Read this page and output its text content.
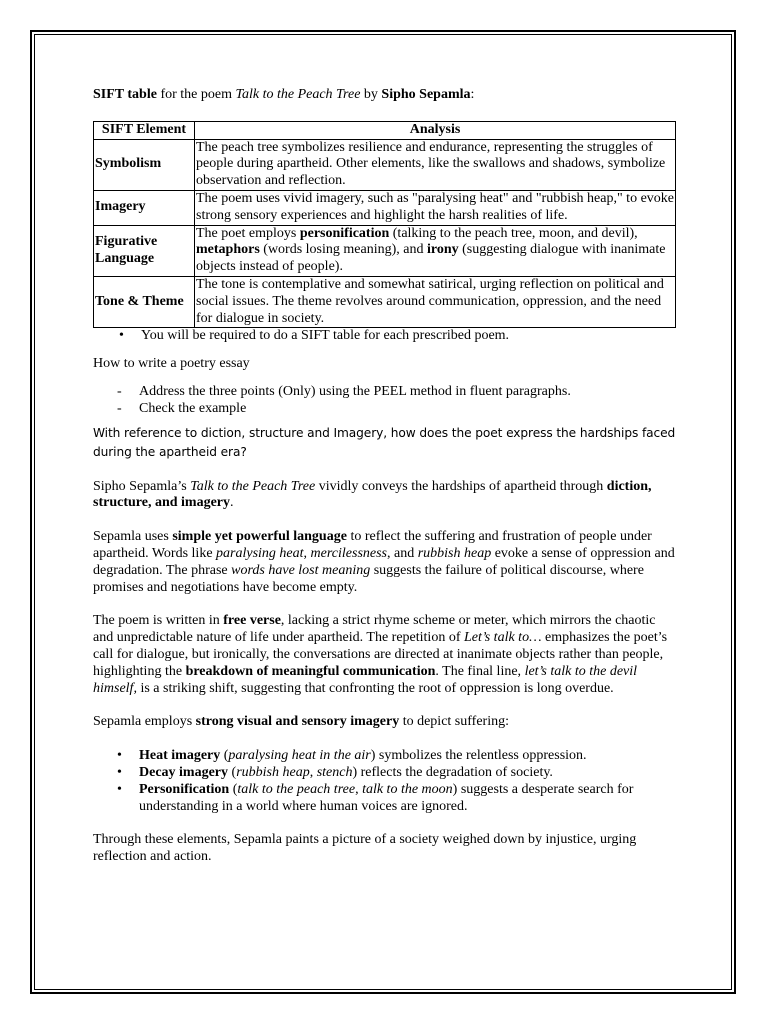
SIFT table for the poem Talk to the Peach Tree by Sipho Sepamla:

SIFT Element	Analysis
Symbolism	The peach tree symbolizes resilience and endurance, representing the struggles of people during apartheid. Other elements, like the swallows and shadows, symbolize observation and reflection.
Imagery	The poem uses vivid imagery, such as "paralysing heat" and "rubbish heap," to evoke strong sensory experiences and highlight the harsh realities of life.
Figurative Language	The poet employs personification (talking to the peach tree, moon, and devil), metaphors (words losing meaning), and irony (suggesting dialogue with inanimate objects instead of people).
Tone & Theme	The tone is contemplative and somewhat satirical, urging reflection on political and social issues. The theme revolves around communication, oppression, and the need for dialogue in society.
• You will be required to do a SIFT table for each prescribed poem.

How to write a poetry essay

- Address the three points (Only) using the PEEL method in fluent paragraphs.
- Check the example

With reference to diction, structure and Imagery, how does the poet express the hardships faced during the apartheid era?

Sipho Sepamla’s Talk to the Peach Tree vividly conveys the hardships of apartheid through diction, structure, and imagery.

Sepamla uses simple yet powerful language to reflect the suffering and frustration of people under apartheid. Words like paralysing heat, mercilessness, and rubbish heap evoke a sense of oppression and degradation. The phrase words have lost meaning suggests the failure of political discourse, where promises and negotiations have become empty.

The poem is written in free verse, lacking a strict rhyme scheme or meter, which mirrors the chaotic and unpredictable nature of life under apartheid. The repetition of Let’s talk to… emphasizes the poet’s call for dialogue, but ironically, the conversations are directed at inanimate objects rather than people, highlighting the breakdown of meaningful communication. The final line, let’s talk to the devil himself, is a striking shift, suggesting that confronting the root of oppression is long overdue.

Sepamla employs strong visual and sensory imagery to depict suffering:

• Heat imagery (paralysing heat in the air) symbolizes the relentless oppression.
• Decay imagery (rubbish heap, stench) reflects the degradation of society.
• Personification (talk to the peach tree, talk to the moon) suggests a desperate search for understanding in a world where human voices are ignored.

Through these elements, Sepamla paints a picture of a society weighed down by injustice, urging reflection and action.
